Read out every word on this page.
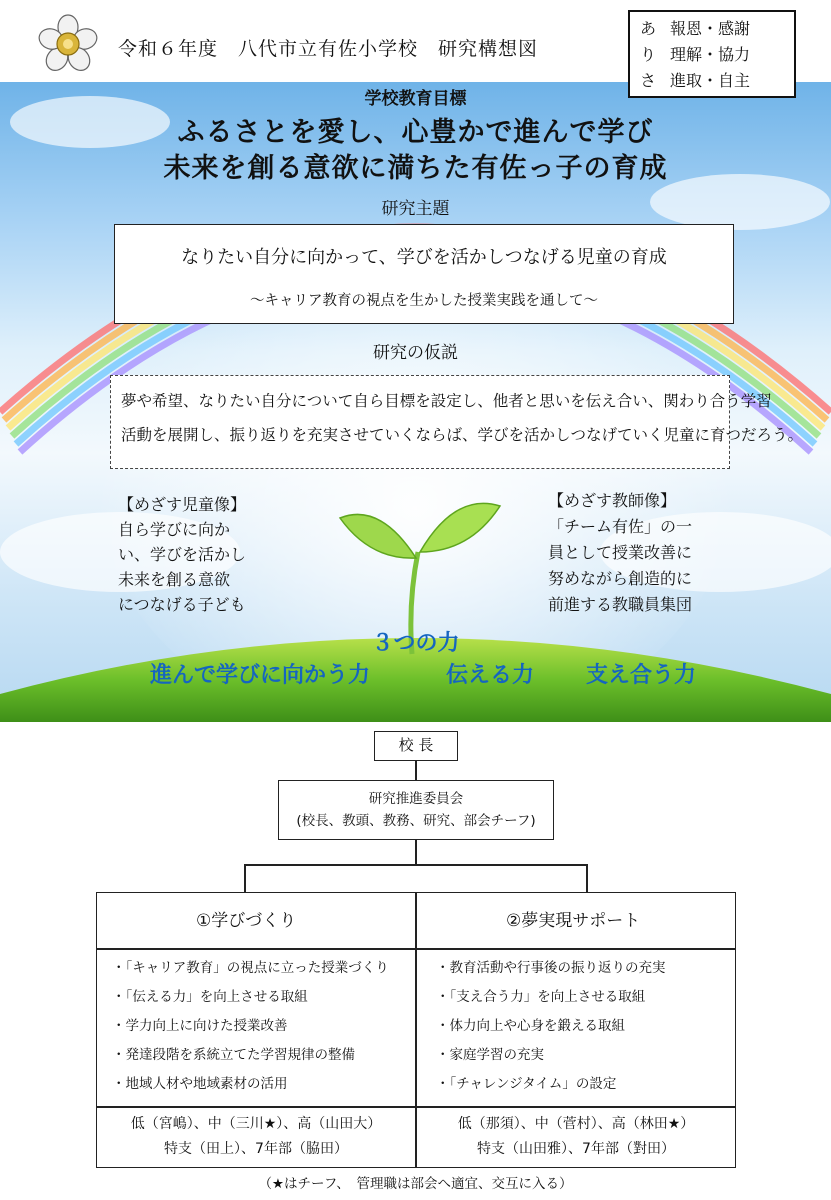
令和６年度　八代市立有佐小学校　研究構想図
あ 報恩・感謝
り 理解・協力
さ 進取・自主
学校教育目標
ふるさとを愛し、心豊かで進んで学び
未来を創る意欲に満ちた有佐っ子の育成
研究主題
なりたい自分に向かって、学びを活かしつなげる児童の育成
～キャリア教育の視点を生かした授業実践を通して～
研究の仮説
夢や希望、なりたい自分について自ら目標を設定し、他者と思いを伝え合い、関わり合う学習
活動を展開し、振り返りを充実させていくならば、学びを活かしつなげていく児童に育つだろう。
【めざす児童像】
自ら学びに向か
い、学びを活かし
未来を創る意欲
につなげる子ども
【めざす教師像】
「チーム有佐」の一
員として授業改善に
努めながら創造的に
前進する教職員集団
３つの力
進んで学びに向かう力	伝える力 支え合う力
校 長
研究推進委員会
(校長、教頭、教務、研究、部会チーフ)
①学びづくり	②夢実現サポート
・「キャリア教育」の視点に立った授業づくり
・「伝える力」を向上させる取組
・学力向上に向けた授業改善
・発達段階を系統立てた学習規律の整備
・地域人材や地域素材の活用
・教育活動や行事後の振り返りの充実
・「支え合う力」を向上させる取組
・体力向上や心身を鍛える取組
・家庭学習の充実
・「チャレンジタイム」の設定
低（宮嶋）、中（三川★）、高（山田大）
特支（田上）、7年部（脇田）
低（那須）、中（菅村）、高（林田★）
特支（山田雅）、7年部（對田）
（★はチーフ、　管理職は部会へ適宜、交互に入る）
